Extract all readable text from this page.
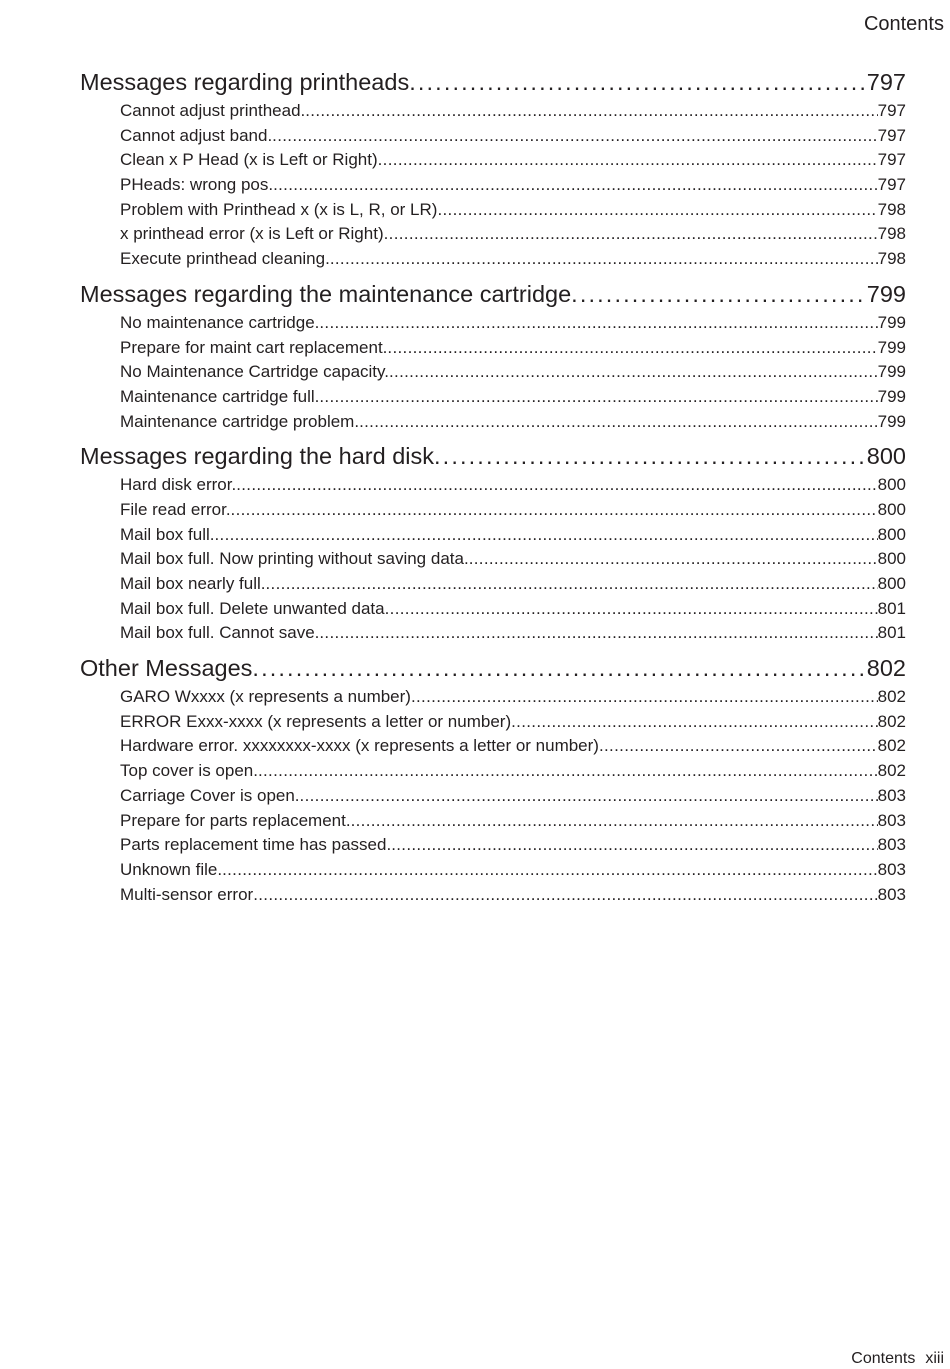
Contents
Messages regarding printheads . . .	797
Cannot adjust printhead. . . .	797
Cannot adjust band. . . .	797
Clean x P Head (x is Left or Right) . . .	797
PHeads: wrong pos. . . .	797
Problem with Printhead x (x is L, R, or LR) . . .	798
x printhead error (x is Left or Right) . . .	798
Execute printhead cleaning. . . .	798
Messages regarding the maintenance cartridge . . .	799
No maintenance cartridge. . . .	799
Prepare for maint cart replacement. . . .	799
No Maintenance Cartridge capacity. . . .	799
Maintenance cartridge full. . . .	799
Maintenance cartridge problem. . . .	799
Messages regarding the hard disk . . .	800
Hard disk error. . . .	800
File read error. . . .	800
Mail box full. . . .	800
Mail box full. Now printing without saving data. . . .	800
Mail box nearly full. . . .	800
Mail box full. Delete unwanted data . . .	801
Mail box full. Cannot save. . . .	801
Other Messages . . .	802
GARO Wxxxx (x represents a number) . . .	802
ERROR Exxx-xxxx (x represents a letter or number) . . .	802
Hardware error. xxxxxxxx-xxxx (x represents a letter or number) . . .	802
Top cover is open. . . .	802
Carriage Cover is open. . . .	803
Prepare for parts replacement. . . .	803
Parts replacement time has passed. . . .	803
Unknown file. . . .	803
Multi-sensor error . . .	803
Contents xiii
